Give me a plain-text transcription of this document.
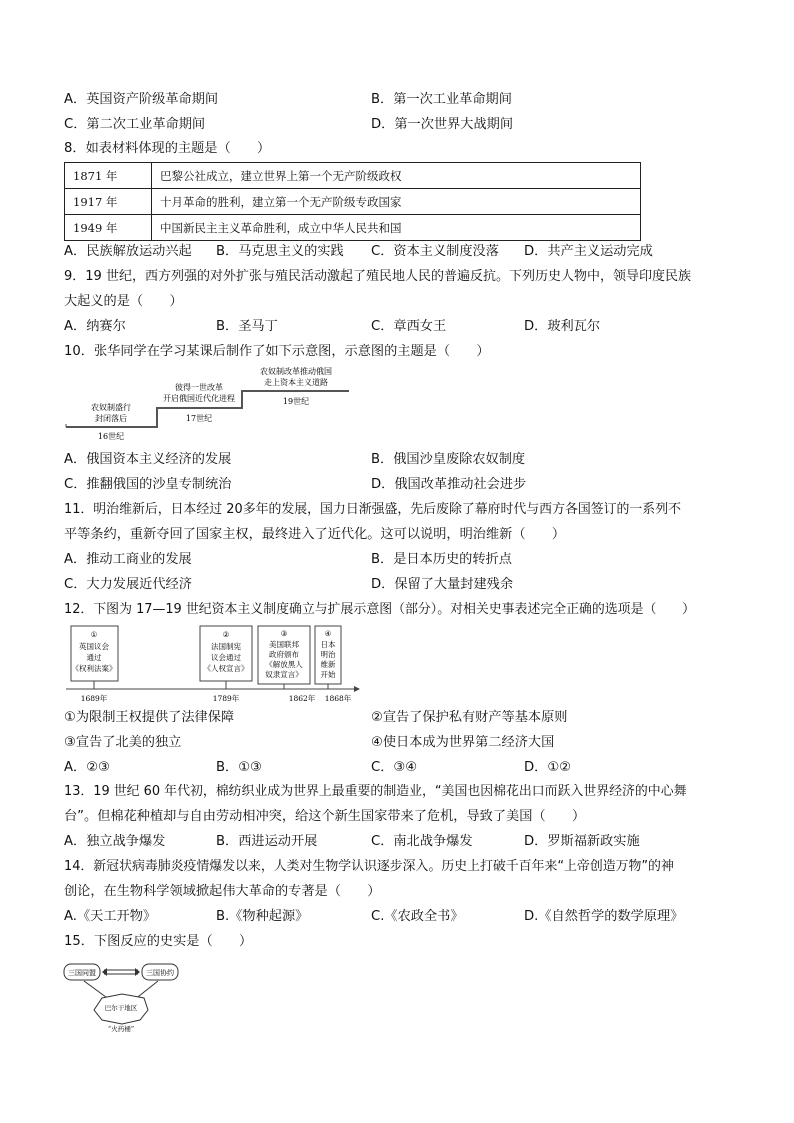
A．英国资产阶级革命期间	B．第一次工业革命期间
C．第二次工业革命期间	D．第一次世界大战期间
8．如表材料体现的主题是（　　）
1871 年	巴黎公社成立，建立世界上第一个无产阶级政权
1917 年	十月革命的胜利，建立第一个无产阶级专政国家
1949 年	中国新民主主义革命胜利，成立中华人民共和国
A．民族解放运动兴起 B．马克思主义的实践 C．资本主义制度没落 D．共产主义运动完成
9．19 世纪，西方列强的对外扩张与殖民活动激起了殖民地人民的普遍反抗。下列历史人物中，领导印度民族
大起义的是（　　）
A．纳赛尔	B．圣马丁	C．章西女王	D．玻利瓦尔
10．张华同学在学习某课后制作了如下示意图，示意图的主题是（　　）
农奴制盛行
封闭落后
16世纪
彼得一世改革
开启俄国近代化进程
17世纪
农奴制改革推动俄国
走上资本主义道路
19世纪
A．俄国资本主义经济的发展	B．俄国沙皇废除农奴制度
C．推翻俄国的沙皇专制统治	D．俄国改革推动社会进步
11．明治维新后，日本经过 20多年的发展，国力日渐强盛，先后废除了幕府时代与西方各国签订的一系列不
平等条约，重新夺回了国家主权，最终进入了近代化。这可以说明，明治维新（　　）
A．推动工商业的发展	B．是日本历史的转折点
C．大力发展近代经济	D．保留了大量封建残余
12．下图为 17—19 世纪资本主义制度确立与扩展示意图（部分）。对相关史事表述完全正确的选项是（　　）
①
英国议会
通过
《权利法案》
②
法国制宪
议会通过
《人权宣言》
③
美国联邦
政府颁布
《解放黑人
奴隶宣言》
④
日本
明治
维新
开始
1689年	1789年	1862年 1868年
①为限制王权提供了法律保障	②宣告了保护私有财产等基本原则
③宣告了北美的独立	④使日本成为世界第二经济大国
A．②③	B．①③	C．③④	D．①②
13．19 世纪 60 年代初，棉纺织业成为世界上最重要的制造业，“美国也因棉花出口而跃入世界经济的中心舞
台”。但棉花种植却与自由劳动相冲突，给这个新生国家带来了危机，导致了美国（　　）
A．独立战争爆发	B．西进运动开展	C．南北战争爆发	D．罗斯福新政实施
14．新冠状病毒肺炎疫情爆发以来，人类对生物学认识逐步深入。历史上打破千百年来“上帝创造万物”的神
创论，在生物科学领域掀起伟大革命的专著是（　　）
A.《天工开物》	B.《物种起源》	C.《农政全书》	D.《自然哲学的数学原理》
15．下图反应的史实是（　　）
三国同盟	三国协约
巴尔干地区
“火药桶”
